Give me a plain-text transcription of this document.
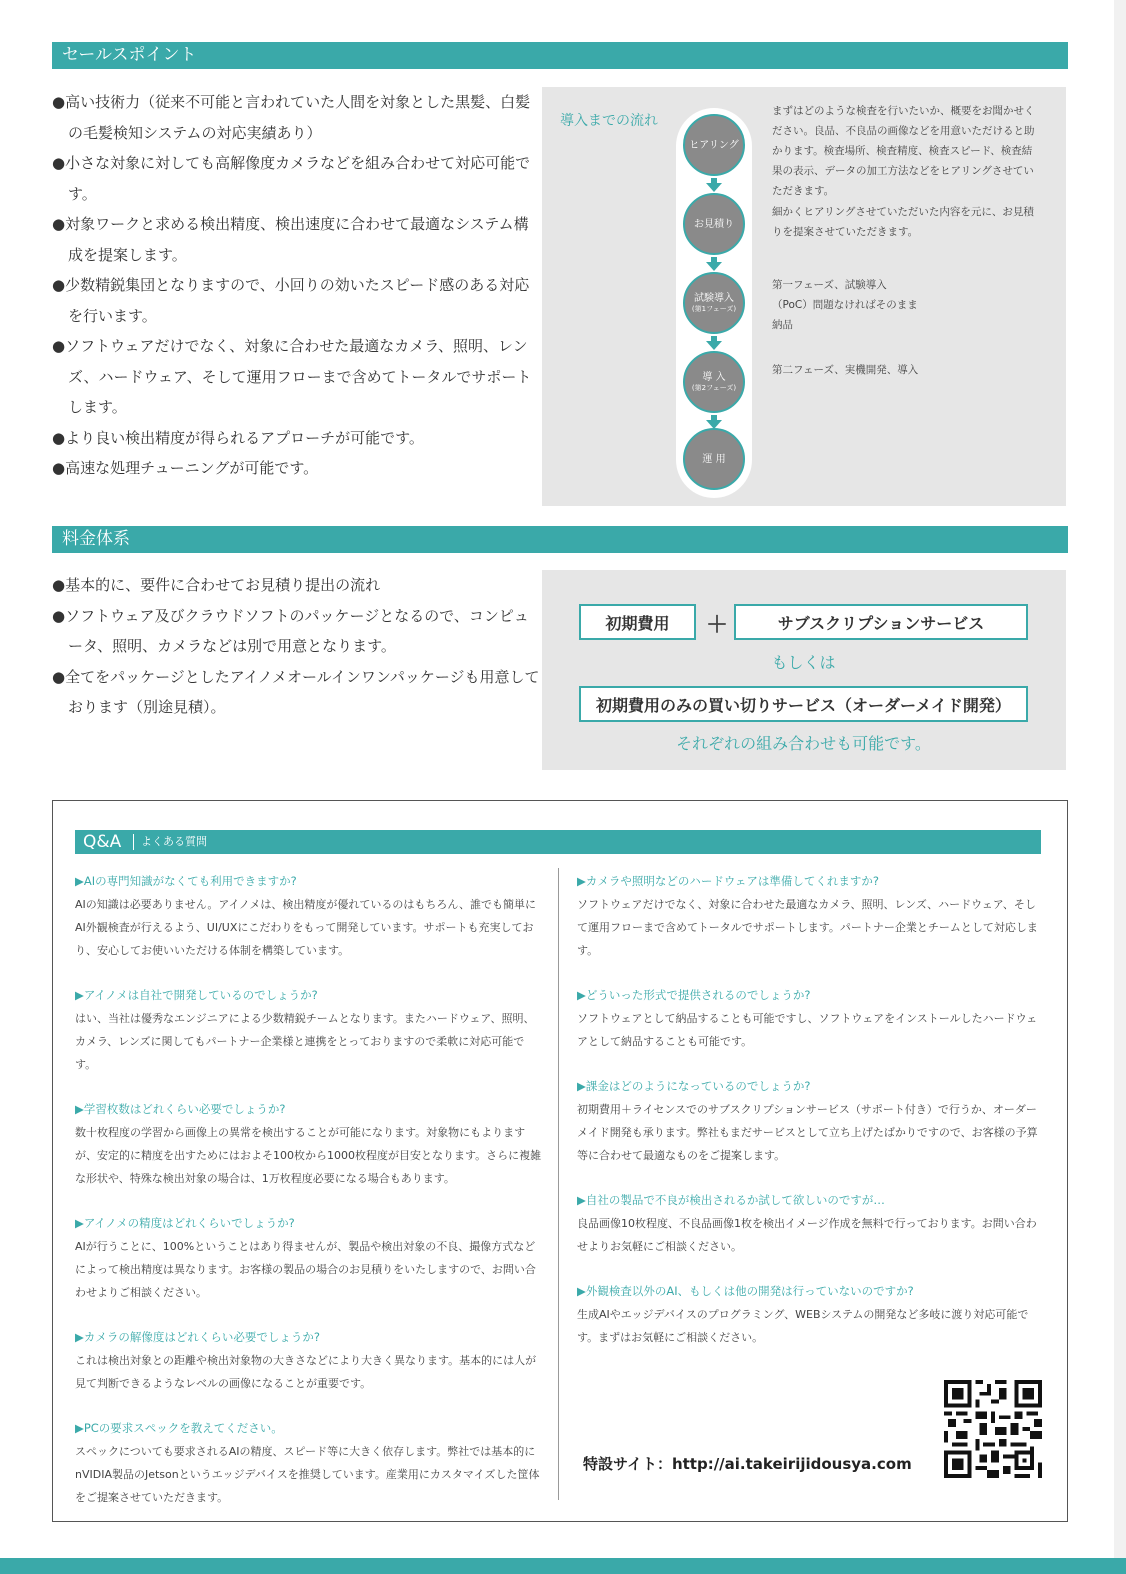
セールスポイント
●高い技術力（従来不可能と言われていた人間を対象とした黒髪、白髪の毛髪検知システムの対応実績あり）
●小さな対象に対しても高解像度カメラなどを組み合わせて対応可能です。
●対象ワークと求める検出精度、検出速度に合わせて最適なシステム構成を提案します。
●少数精鋭集団となりますので、小回りの効いたスピード感のある対応を行います。
●ソフトウェアだけでなく、対象に合わせた最適なカメラ、照明、レンズ、ハードウェア、そして運用フローまで含めてトータルでサポートします。
●より良い検出精度が得られるアプローチが可能です。
●高速な処理チューニングが可能です。
導入までの流れ
ヒアリング
お見積り
試験導入
(第1フェーズ)
導 入
(第2フェーズ)
運 用
まずはどのような検査を行いたいか、概要をお聞かせください。良品、不良品の画像などを用意いただけると助かります。検査場所、検査精度、検査スピード、検査結果の表示、データの加工方法などをヒアリングさせていただきます。
細かくヒアリングさせていただいた内容を元に、お見積りを提案させていただきます。
第一フェーズ、試験導入（PoC）問題なければそのまま納品
第二フェーズ、実機開発、導入
料金体系
●基本的に、要件に合わせてお見積り提出の流れ
●ソフトウェア及びクラウドソフトのパッケージとなるので、コンピュータ、照明、カメラなどは別で用意となります。
●全てをパッケージとしたアイノメオールインワンパッケージも用意しております（別途見積）。
初期費用 ＋	サブスクリプションサービス
もしくは
初期費用のみの買い切りサービス（オーダーメイド開発）
それぞれの組み合わせも可能です。
Q&A よくある質問
▶AIの専門知識がなくても利用できますか?
AIの知識は必要ありません。アイノメは、検出精度が優れているのはもちろん、誰でも簡単にAI外観検査が行えるよう、UI/UXにこだわりをもって開発しています。サポートも充実しており、安心してお使いいただける体制を構築しています。
▶アイノメは自社で開発しているのでしょうか?
はい、当社は優秀なエンジニアによる少数精鋭チームとなります。またハードウェア、照明、カメラ、レンズに関してもパートナー企業様と連携をとっておりますので柔軟に対応可能です。
▶学習枚数はどれくらい必要でしょうか?
数十枚程度の学習から画像上の異常を検出することが可能になります。対象物にもよりますが、安定的に精度を出すためにはおよそ100枚から1000枚程度が目安となります。さらに複雑な形状や、特殊な検出対象の場合は、1万枚程度必要になる場合もあります。
▶アイノメの精度はどれくらいでしょうか?
AIが行うことに、100%ということはあり得ませんが、製品や検出対象の不良、撮像方式などによって検出精度は異なります。お客様の製品の場合のお見積りをいたしますので、お問い合わせよりご相談ください。
▶カメラの解像度はどれくらい必要でしょうか?
これは検出対象との距離や検出対象物の大きさなどにより大きく異なります。基本的には人が見て判断できるようなレベルの画像になることが重要です。
▶PCの要求スペックを教えてください。
スペックについても要求されるAIの精度、スピード等に大きく依存します。弊社では基本的にnVIDIA製品のJetsonというエッジデバイスを推奨しています。産業用にカスタマイズした筐体をご提案させていただきます。
▶カメラや照明などのハードウェアは準備してくれますか?
ソフトウェアだけでなく、対象に合わせた最適なカメラ、照明、レンズ、ハードウェア、そして運用フローまで含めてトータルでサポートします。パートナー企業とチームとして対応します。
▶どういった形式で提供されるのでしょうか?
ソフトウェアとして納品することも可能ですし、ソフトウェアをインストールしたハードウェアとして納品することも可能です。
▶課金はどのようになっているのでしょうか?
初期費用＋ライセンスでのサブスクリプションサービス（サポート付き）で行うか、オーダーメイド開発も承ります。弊社もまだサービスとして立ち上げたばかりですので、お客様の予算等に合わせて最適なものをご提案します。
▶自社の製品で不良が検出されるか試して欲しいのですが…
良品画像10枚程度、不良品画像1枚を検出イメージ作成を無料で行っております。お問い合わせよりお気軽にご相談ください。
▶外観検査以外のAI、もしくは他の開発は行っていないのですか?
生成AIやエッジデバイスのプログラミング、WEBシステムの開発など多岐に渡り対応可能です。まずはお気軽にご相談ください。
特設サイト：http://ai.takeirijidousya.com
